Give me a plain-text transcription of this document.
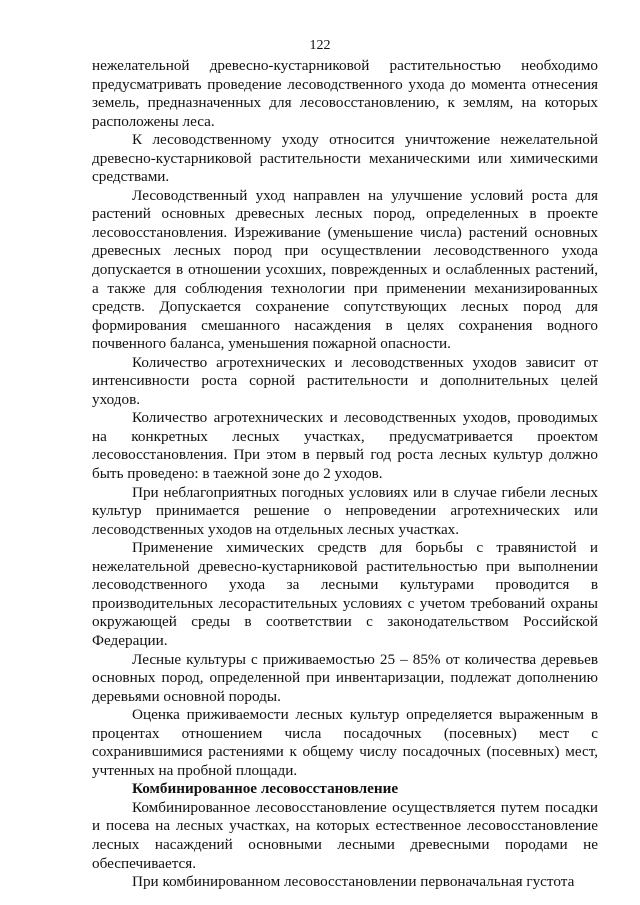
122

нежелательной древесно-кустарниковой растительностью необходимо предусматривать проведение лесоводственного ухода до момента отнесения земель, предназначенных для лесовосстановлению, к землям, на которых расположены леса.

К лесоводственному уходу относится уничтожение нежелательной древесно-кустарниковой растительности механическими или химическими средствами.

Лесоводственный уход направлен на улучшение условий роста для растений основных древесных лесных пород, определенных в проекте лесовосстановления. Изреживание (уменьшение числа) растений основных древесных лесных пород при осуществлении лесоводственного ухода допускается в отношении усохших, поврежденных и ослабленных растений, а также для соблюдения технологии при применении механизированных средств. Допускается сохранение сопутствующих лесных пород для формирования смешанного насаждения в целях сохранения водного почвенного баланса, уменьшения пожарной опасности.

Количество агротехнических и лесоводственных уходов зависит от интенсивности роста сорной растительности и дополнительных целей уходов.

Количество агротехнических и лесоводственных уходов, проводимых на конкретных лесных участках, предусматривается проектом лесовосстановления. При этом в первый год роста лесных культур должно быть проведено: в таежной зоне до 2 уходов.

При неблагоприятных погодных условиях или в случае гибели лесных культур принимается решение о непроведении агротехнических или лесоводственных уходов на отдельных лесных участках.

Применение химических средств для борьбы с травянистой и нежелательной древесно-кустарниковой растительностью при выполнении лесоводственного ухода за лесными культурами проводится в производительных лесорастительных условиях с учетом требований охраны окружающей среды в соответствии с законодательством Российской Федерации.

Лесные культуры с приживаемостью 25 – 85% от количества деревьев основных пород, определенной при инвентаризации, подлежат дополнению деревьями основной породы.

Оценка приживаемости лесных культур определяется выраженным в процентах отношением числа посадочных (посевных) мест с сохранившимися растениями к общему числу посадочных (посевных) мест, учтенных на пробной площади.

Комбинированное лесовосстановление

Комбинированное лесовосстановление осуществляется путем посадки и посева на лесных участках, на которых естественное лесовосстановление лесных насаждений основными лесными древесными породами не обеспечивается.

При комбинированном лесовосстановлении первоначальная густота
